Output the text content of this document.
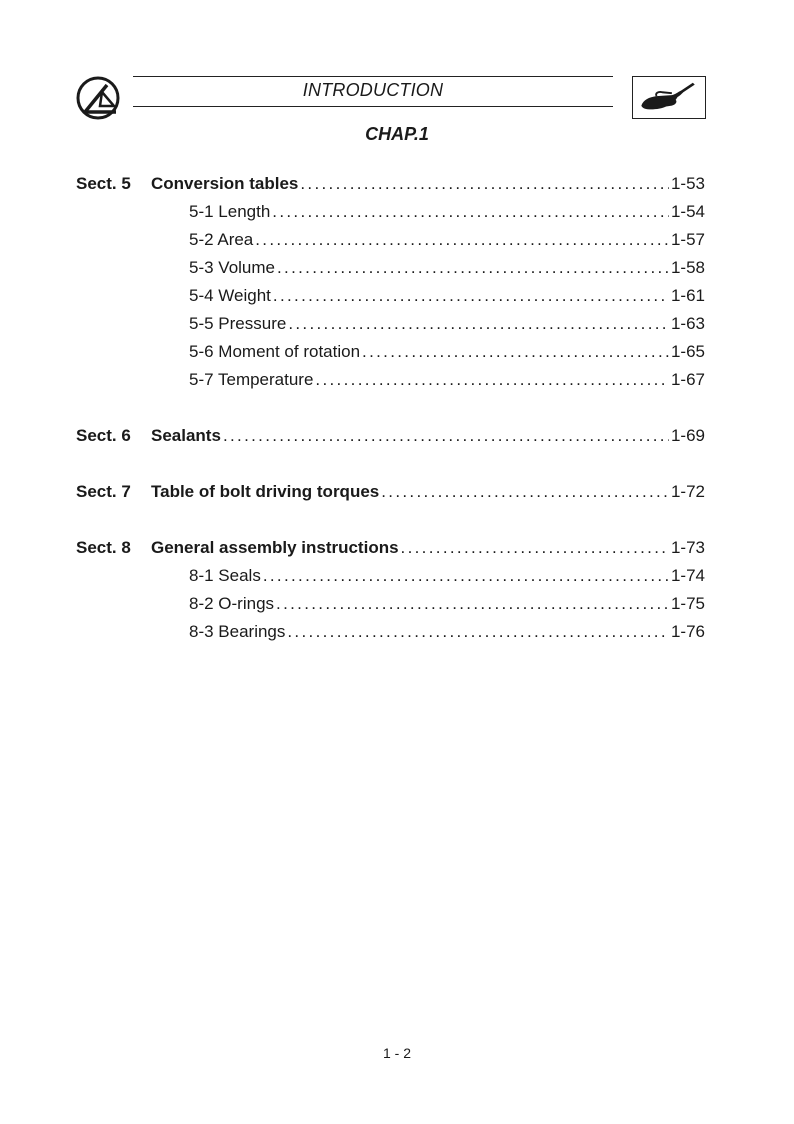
INTRODUCTION
CHAP.1
Sect. 5	Conversion tables . . .	1-53
5-1 Length . . .	1-54
5-2 Area . . .	1-57
5-3 Volume . . .	1-58
5-4 Weight . . .	1-61
5-5 Pressure . . .	1-63
5-6 Moment of rotation . . .	1-65
5-7 Temperature . . .	1-67
Sect. 6	Sealants . . .	1-69
Sect. 7	Table of bolt driving torques . . .	1-72
Sect. 8	General assembly instructions . . .	1-73
8-1 Seals . . .	1-74
8-2 O-rings . . .	1-75
8-3 Bearings . . .	1-76
1 - 2
